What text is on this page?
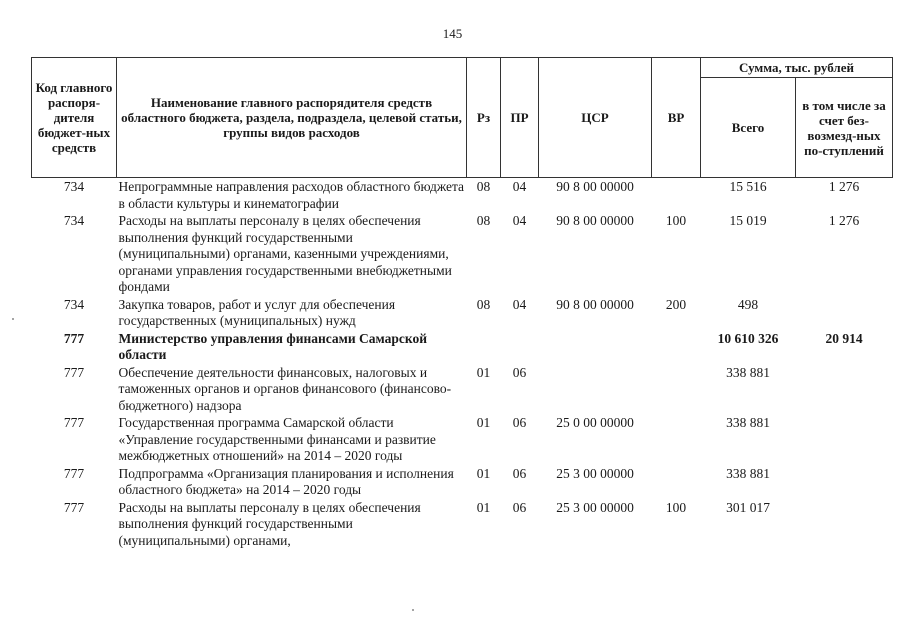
145
Код главного распоря-дителя бюджет-ных средств	Наименование главного распорядителя средств областного бюджета, раздела, подраздела, целевой статьи, группы видов расходов	Рз	ПР	ЦСР	ВР	Сумма, тыс. рублей	
						Всего	в том числе за счет без-возмезд-ных по-ступлений
734	Непрограммные направления расходов областного бюджета в области культуры и кинематографии	08	04	90 8 00 00000		15 516	1 276
734	Расходы на выплаты персоналу в целях обеспечения выполнения функций государственными (муниципальными) органами, казенными учреждениями, органами управления государственными внебюджетными фондами	08	04	90 8 00 00000	100	15 019	1 276
734	Закупка товаров, работ и услуг для обеспечения государственных (муниципальных) нужд	08	04	90 8 00 00000	200	498	
777	Министерство управления финансами Самарской области					10 610 326	20 914
777	Обеспечение деятельности финансовых, налоговых и таможенных органов и органов финансового (финансово-бюджетного) надзора	01	06			338 881	
777	Государственная программа Самарской области «Управление государственными финансами и развитие межбюджетных отношений» на 2014 – 2020 годы	01	06	25 0 00 00000		338 881	
777	Подпрограмма «Организация планирования и исполнения областного бюджета» на 2014 – 2020 годы	01	06	25 3 00 00000		338 881	
777	Расходы на выплаты персоналу в целях обеспечения выполнения функций государственными (муниципальными) органами,	01	06	25 3 00 00000	100	301 017	
